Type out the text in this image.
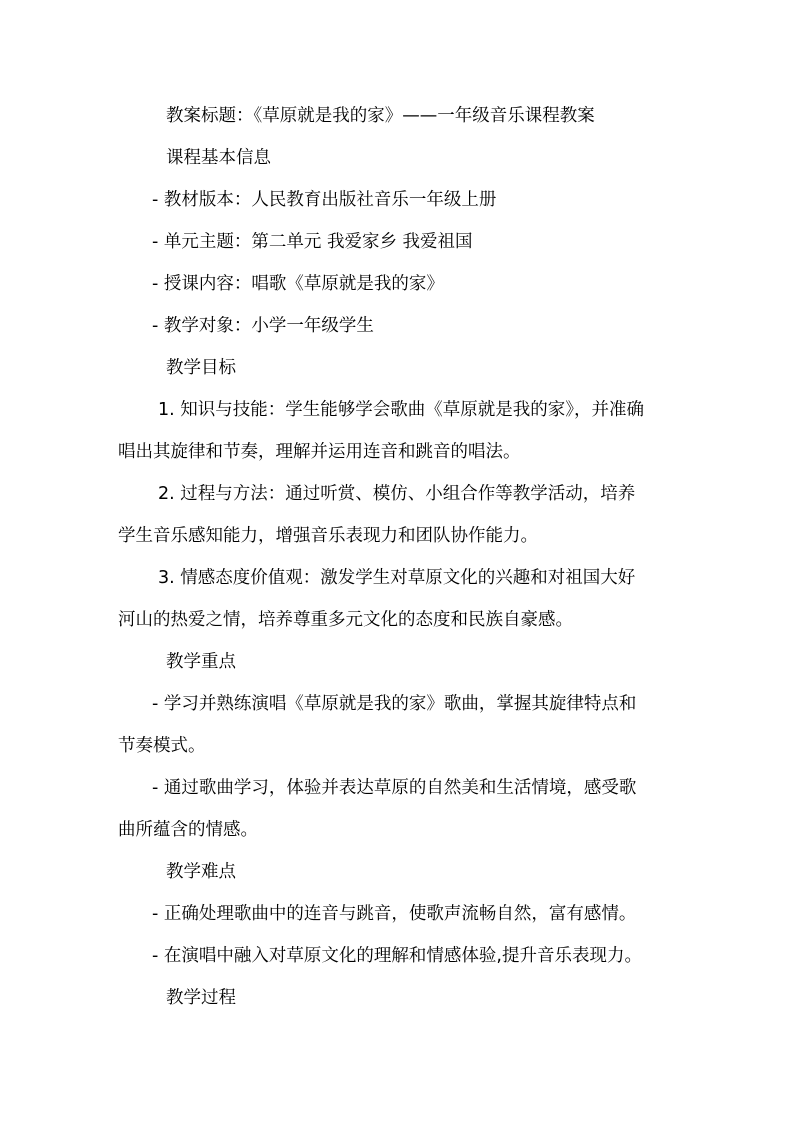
教案标题：《草原就是我的家》——一年级音乐课程教案

课程基本信息

- 教材版本：人民教育出版社音乐一年级上册

- 单元主题：第二单元 我爱家乡 我爱祖国

- 授课内容：唱歌《草原就是我的家》

- 教学对象：小学一年级学生

教学目标

1. 知识与技能：学生能够学会歌曲《草原就是我的家》，并准确

唱出其旋律和节奏，理解并运用连音和跳音的唱法。

2. 过程与方法：通过听赏、模仿、小组合作等教学活动，培养

学生音乐感知能力，增强音乐表现力和团队协作能力。

3. 情感态度价值观：激发学生对草原文化的兴趣和对祖国大好

河山的热爱之情，培养尊重多元文化的态度和民族自豪感。

教学重点

- 学习并熟练演唱《草原就是我的家》歌曲，掌握其旋律特点和

节奏模式。

- 通过歌曲学习，体验并表达草原的自然美和生活情境，感受歌

曲所蕴含的情感。

教学难点

- 正确处理歌曲中的连音与跳音，使歌声流畅自然，富有感情。

- 在演唱中融入对草原文化的理解和情感体验,提升音乐表现力。

教学过程
